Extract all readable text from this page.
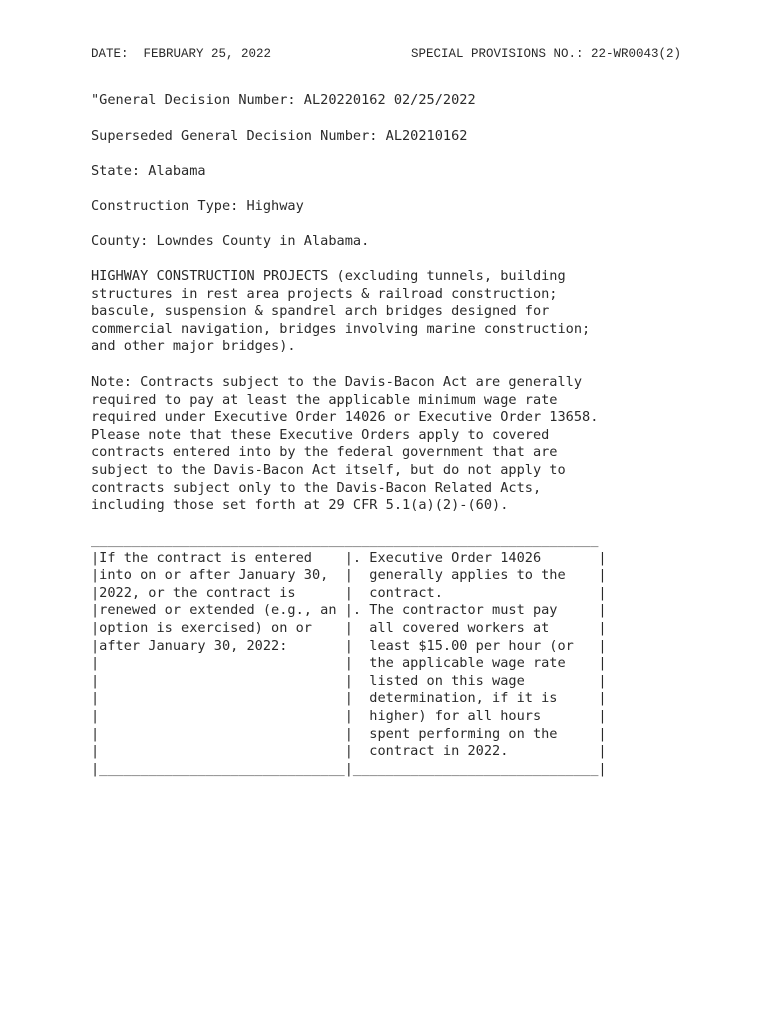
DATE:  FEBRUARY 25, 2022	SPECIAL PROVISIONS NO.: 22-WR0043(2)
"General Decision Number: AL20220162 02/25/2022
Superseded General Decision Number: AL20210162
State: Alabama
Construction Type: Highway
County: Lowndes County in Alabama.
HIGHWAY CONSTRUCTION PROJECTS (excluding tunnels, building
structures in rest area projects & railroad construction;
bascule, suspension & spandrel arch bridges designed for
commercial navigation, bridges involving marine construction;
and other major bridges).
Note: Contracts subject to the Davis-Bacon Act are generally
required to pay at least the applicable minimum wage rate
required under Executive Order 14026 or Executive Order 13658.
Please note that these Executive Orders apply to covered
contracts entered into by the federal government that are
subject to the Davis-Bacon Act itself, but do not apply to
contracts subject only to the Davis-Bacon Related Acts,
including those set forth at 29 CFR 5.1(a)(2)-(60).
______________________________________________________________
|If the contract is entered    |. Executive Order 14026       |
|into on or after January 30,  |  generally applies to the    |
|2022, or the contract is      |  contract.                   |
|renewed or extended (e.g., an |. The contractor must pay     |
|option is exercised) on or    |  all covered workers at      |
|after January 30, 2022:       |  least $15.00 per hour (or   |
|                              |  the applicable wage rate    |
|                              |  listed on this wage         |
|                              |  determination, if it is     |
|                              |  higher) for all hours       |
|                              |  spent performing on the     |
|                              |  contract in 2022.           |
|______________________________|______________________________|
